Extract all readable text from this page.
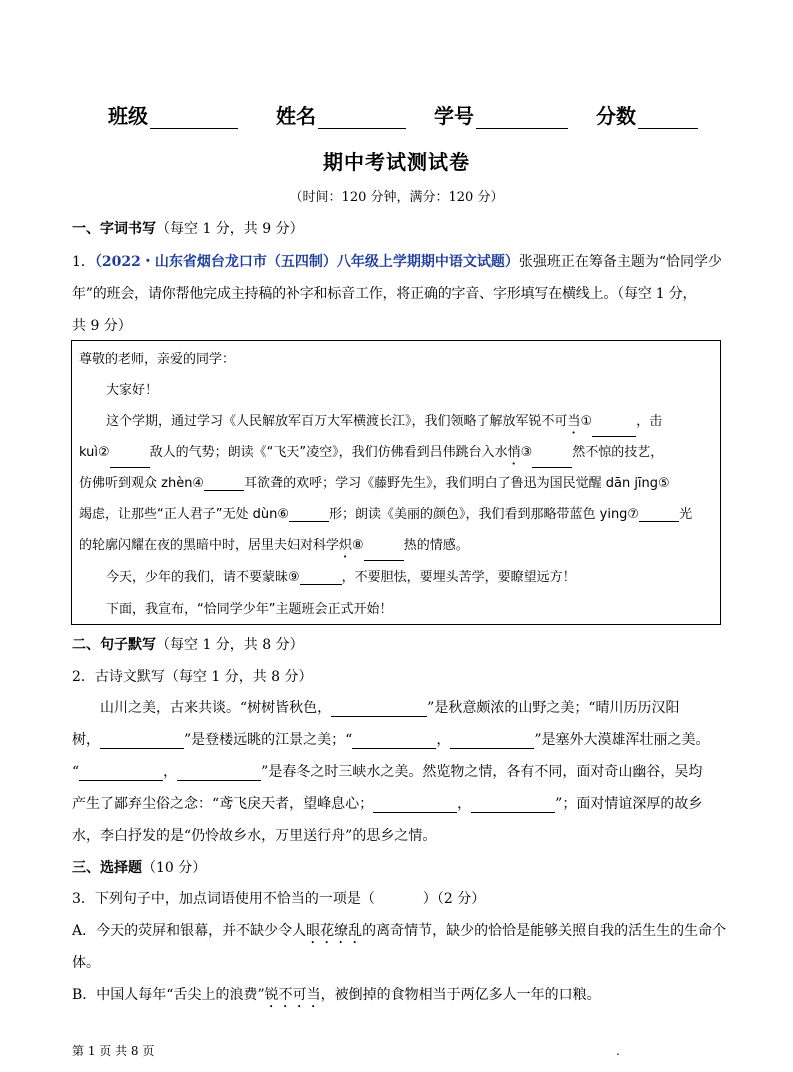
班级	姓名	学号	分数
期中考试测试卷
（时间：120 分钟，满分：120 分）
一、字词书写（每空 1 分，共 9 分）
1．（2022・山东省烟台龙口市（五四制）八年级上学期期中语文试题）张强班正在筹备主题为“恰同学少
年”的班会，请你帮他完成主持稿的补字和标音工作，将正确的字音、字形填写在横线上。（每空 1 分，
共 9 分）
尊敬的老师，亲爱的同学：
大家好！
这个学期，通过学习《人民解放军百万大军横渡长江》，我们领略了解放军锐不可当①	，击
kuì②	敌人的气势；朗读《“飞天”凌空》，我们仿佛看到吕伟跳台入水悄③	然不惊的技艺，
仿佛听到观众 zhèn④	耳欲聋的欢呼；学习《藤野先生》，我们明白了鲁迅为国民觉醒 dān jīng⑤
竭虑，让那些“正人君子”无处 dùn⑥	形；朗读《美丽的颜色》，我们看到那略带蓝色 ying⑦	光
的轮廓闪耀在夜的黑暗中时，居里夫妇对科学炽⑧	热的情感。
今天，少年的我们，请不要蒙昧⑨	，不要胆怯，要埋头苦学，要瞭望远方！
下面，我宣布，“恰同学少年”主题班会正式开始！
二、句子默写（每空 1 分，共 8 分）
2．古诗文默写（每空 1 分，共 8 分）
山川之美，古来共谈。“树树皆秋色，	”是秋意颇浓的山野之美；“晴川历历汉阳
树，	”是登楼远眺的江景之美；“	，	”是塞外大漠雄浑壮丽之美。
“	，	”是春冬之时三峡水之美。然览物之情，各有不同，面对奇山幽谷，吴均
产生了鄙弃尘俗之念：“鸢飞戾天者，望峰息心；	，	”；面对情谊深厚的故乡
水，李白抒发的是“仍怜故乡水，万里送行舟”的思乡之情。
三、选择题（10 分）
3．下列句子中，加点词语使用不恰当的一项是（	）（2 分）
A．今天的荧屏和银幕，并不缺少令人眼花缭乱的离奇情节，缺少的恰恰是能够关照自我的活生生的生命个
体。
B．中国人每年“舌尖上的浪费”锐不可当，被倒掉的食物相当于两亿多人一年的口粮。
第 1 页 共 8 页	.
